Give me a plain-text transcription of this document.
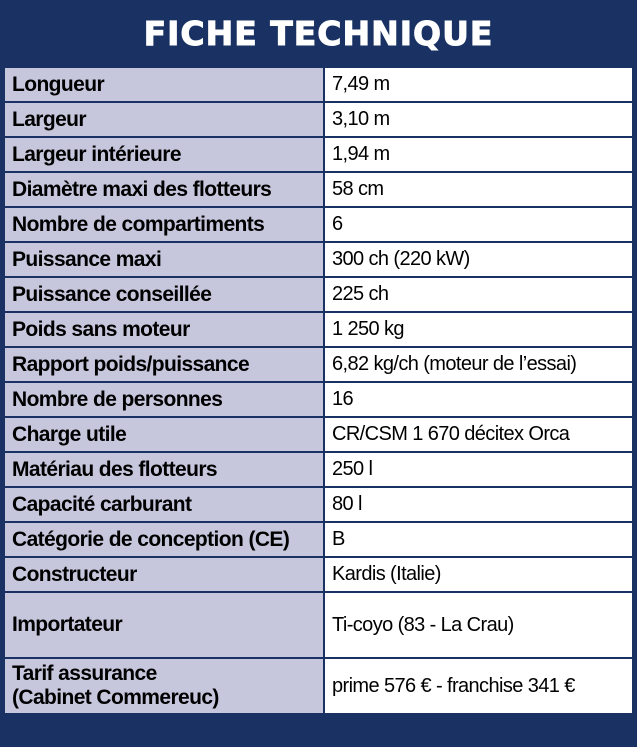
FICHE TECHNIQUE
Longueur	7,49 m
Largeur	3,10 m
Largeur intérieure	1,94 m
Diamètre maxi des flotteurs	58 cm
Nombre de compartiments	6
Puissance maxi	300 ch (220 kW)
Puissance conseillée	225 ch
Poids sans moteur	1 250 kg
Rapport poids/puissance	6,82 kg/ch (moteur de l’essai)
Nombre de personnes	16
Charge utile	CR/CSM 1 670 décitex Orca
Matériau des flotteurs	250 l
Capacité carburant	80 l
Catégorie de conception (CE)	B
Constructeur	Kardis (Italie)
Importateur	Ti-coyo (83 - La Crau)

Tarif assurance
(Cabinet Commereuc)	prime 576 € - franchise 341 €
